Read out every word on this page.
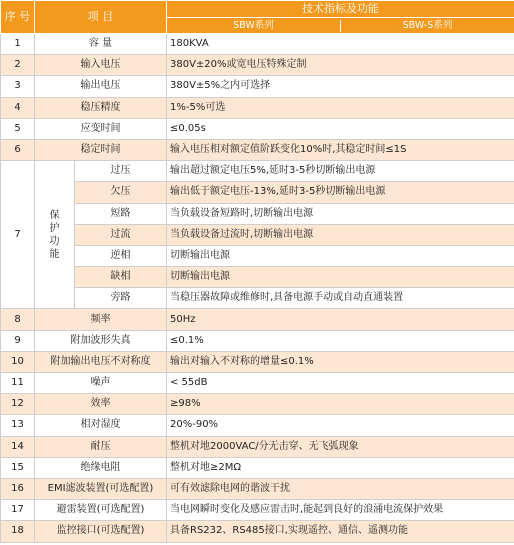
序 号	项 目		技术指标及功能

			SBW系列 SBW-S系列

1	容 量		180KVA
2	输入电压		380V±20%或宽电压特殊定制
3	输出电压		380V±5%之内可选择
4	稳压精度		1%-5%可选
5	应变时间		≤0.05s
6	稳定时间		输入电压相对额定值阶跃变化10%时,其稳定时间≤1S
7	保护功能	过压	输出超过额定电压5%,延时3-5秒切断输出电源
		欠压	输出低于额定电压-13%,延时3-5秒切断输出电源
		短路	当负载设备短路时,切断输出电源
		过流	当负载设备过流时,切断输出电源
		逆相	切断输出电源
		缺相	切断输出电源
		旁路	当稳压器故障或维修时,具备电源手动或自动直通装置
8	频率		50Hz
9	附加波形失真		≤0.1%
10	附加输出电压不对称度		输出对输入不对称的增量≤0.1%
11	噪声		< 55dB
12	效率		≥98%
13	相对湿度		20%-90%
14	耐压		整机对地2000VAC/分无击穿、无飞弧现象
15	绝缘电阻		整机对地≥2MΩ
16	EMI滤波装置(可选配置)		可有效滤除电网的谐波干扰
17	避雷装置(可选配置)		当电网瞬时变化及感应雷击时,能起到良好的浪涌电流保护效果
18	监控接口(可选配置)		具备RS232、RS485接口,实现遥控、通信、遥测功能
